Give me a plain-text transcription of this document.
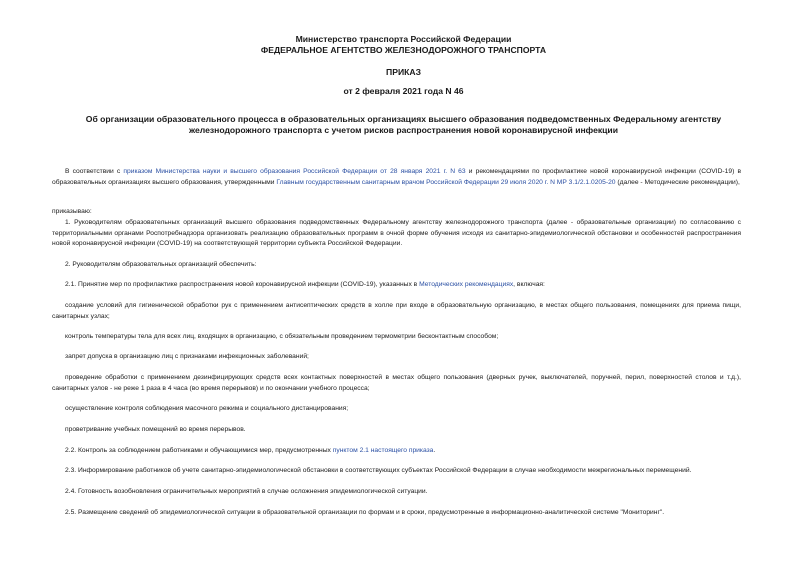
Министерство транспорта Российской Федерации
ФЕДЕРАЛЬНОЕ АГЕНТСТВО ЖЕЛЕЗНОДОРОЖНОГО ТРАНСПОРТА
ПРИКАЗ
от 2 февраля 2021 года N 46
Об организации образовательного процесса в образовательных организациях высшего образования подведомственных Федеральному агентству железнодорожного транспорта с учетом рисков распространения новой коронавирусной инфекции
В соответствии с приказом Министерства науки и высшего образования Российской Федерации от 28 января 2021 г. N 63 и рекомендациями по профилактике новой коронавирусной инфекции (COVID-19) в образовательных организациях высшего образования, утвержденными Главным государственным санитарным врачом Российской Федерации 29 июля 2020 г. N МР 3.1/2.1.0205-20 (далее - Методические рекомендации),
приказываю:
1. Руководителям образовательных организаций высшего образования подведомственных Федеральному агентству железнодорожного транспорта (далее - образовательные организации) по согласованию с территориальными органами Роспотребнадзора организовать реализацию образовательных программ в очной форме обучения исходя из санитарно-эпидемиологической обстановки и особенностей распространения новой коронавирусной инфекции (COVID-19) на соответствующей территории субъекта Российской Федерации.
2. Руководителям образовательных организаций обеспечить:
2.1. Принятие мер по профилактике распространения новой коронавирусной инфекции (COVID-19), указанных в Методических рекомендациях, включая:
создание условий для гигиенической обработки рук с применением антисептических средств в холле при входе в образовательную организацию, в местах общего пользования, помещениях для приема пищи, санитарных узлах;
контроль температуры тела для всех лиц, входящих в организацию, с обязательным проведением термометрии бесконтактным способом;
запрет допуска в организацию лиц с признаками инфекционных заболеваний;
проведение обработки с применением дезинфицирующих средств всех контактных поверхностей в местах общего пользования (дверных ручек, выключателей, поручней, перил, поверхностей столов и т.д.), санитарных узлов - не реже 1 раза в 4 часа (во время перерывов) и по окончании учебного процесса;
осуществление контроля соблюдения масочного режима и социального дистанцирования;
проветривание учебных помещений во время перерывов.
2.2. Контроль за соблюдением работниками и обучающимися мер, предусмотренных пунктом 2.1 настоящего приказа.
2.3. Информирование работников об учете санитарно-эпидемиологической обстановки в соответствующих субъектах Российской Федерации в случае необходимости межрегиональных перемещений.
2.4. Готовность возобновления ограничительных мероприятий в случае осложнения эпидемиологической ситуации.
2.5. Размещение сведений об эпидемиологической ситуации в образовательной организации по формам и в сроки, предусмотренные в информационно-аналитической системе "Мониторинг".
